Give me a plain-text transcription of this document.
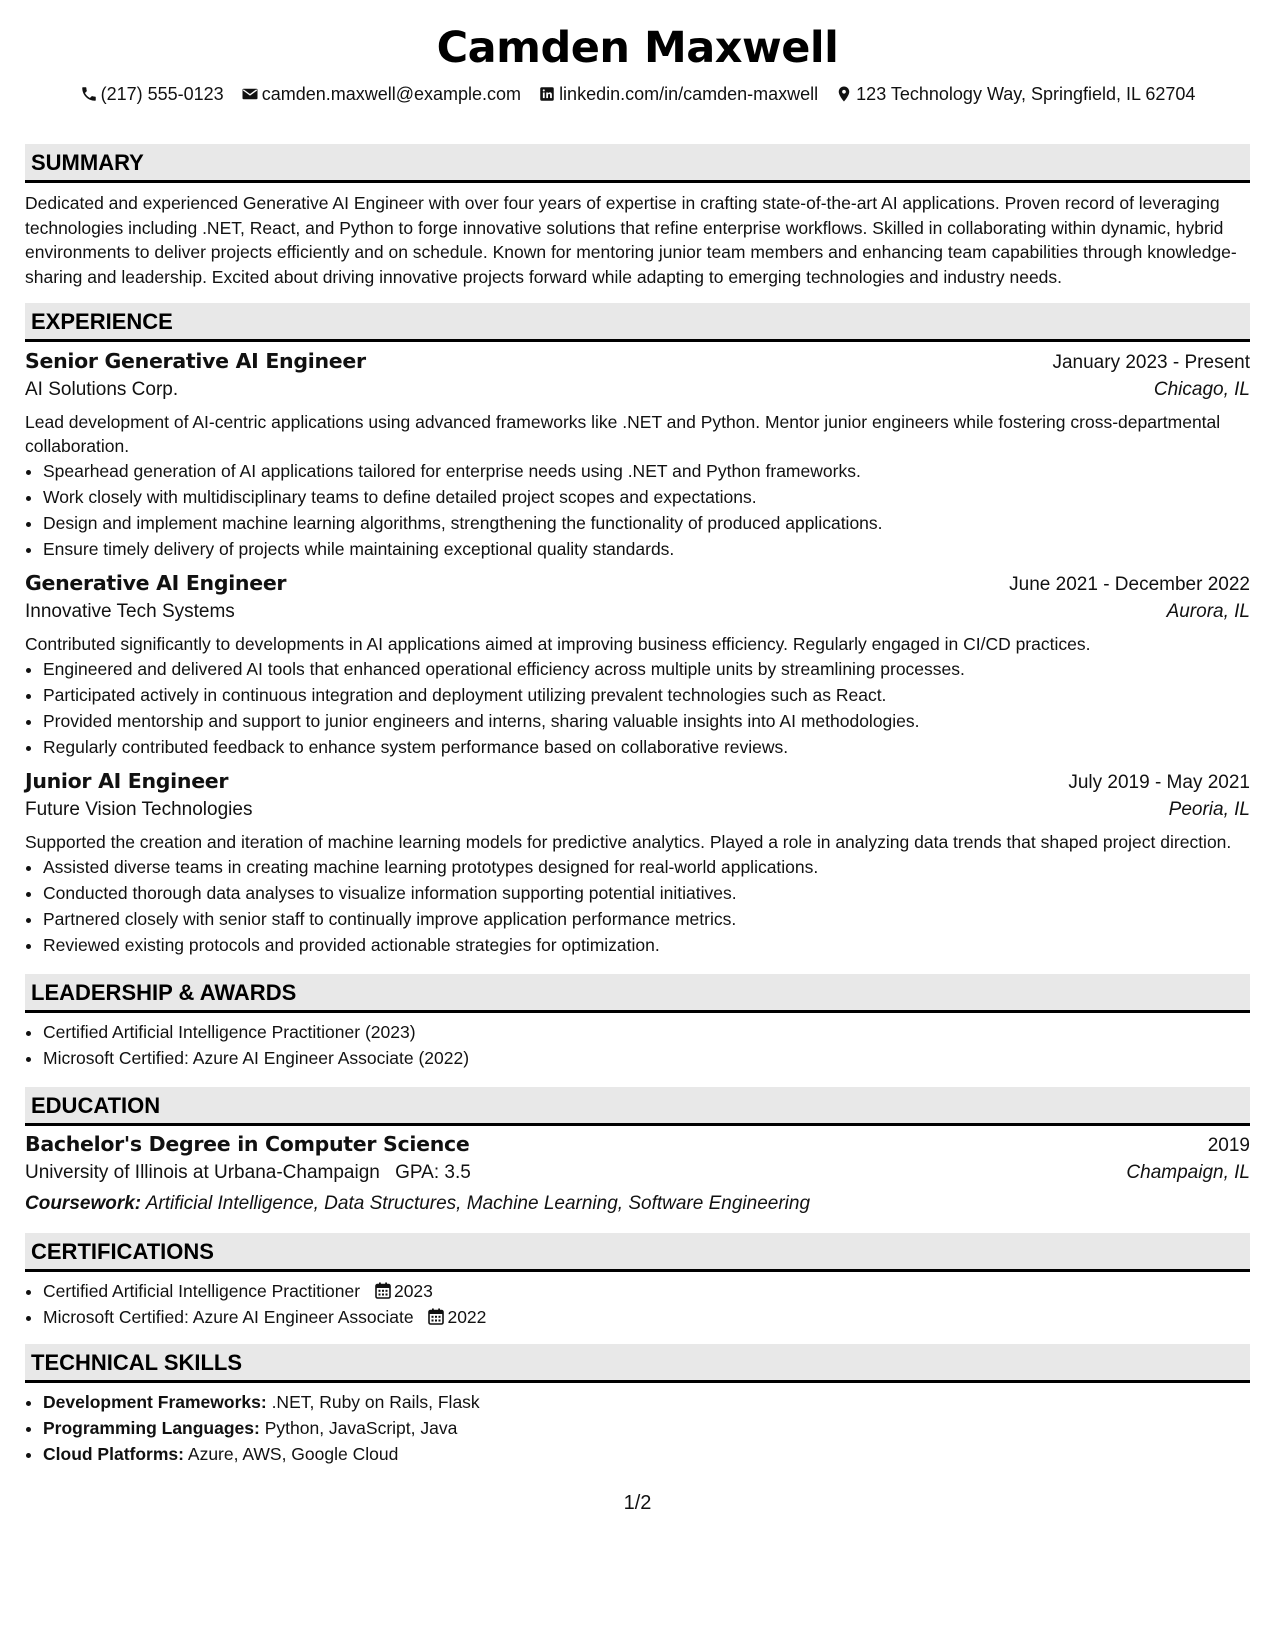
Camden Maxwell
(217) 555-0123 camden.maxwell@example.com linkedin.com/in/camden-maxwell 123 Technology Way, Springfield, IL 62704
SUMMARY

Dedicated and experienced Generative AI Engineer with over four years of expertise in crafting state-of-the-art AI applications. Proven record of leveraging technologies including .NET, React, and Python to forge innovative solutions that refine enterprise workflows. Skilled in collaborating within dynamic, hybrid environments to deliver projects efficiently and on schedule. Known for mentoring junior team members and enhancing team capabilities through knowledge-sharing and leadership. Excited about driving innovative projects forward while adapting to emerging technologies and industry needs.

EXPERIENCE
Senior Generative AI Engineer	January 2023 - Present
AI Solutions Corp.	Chicago, IL

Lead development of AI-centric applications using advanced frameworks like .NET and Python. Mentor junior engineers while fostering cross-departmental collaboration.

• Spearhead generation of AI applications tailored for enterprise needs using .NET and Python frameworks.
• Work closely with multidisciplinary teams to define detailed project scopes and expectations.
• Design and implement machine learning algorithms, strengthening the functionality of produced applications.
• Ensure timely delivery of projects while maintaining exceptional quality standards.
Generative AI Engineer	June 2021 - December 2022
Innovative Tech Systems	Aurora, IL

Contributed significantly to developments in AI applications aimed at improving business efficiency. Regularly engaged in CI/CD practices.

• Engineered and delivered AI tools that enhanced operational efficiency across multiple units by streamlining processes.
• Participated actively in continuous integration and deployment utilizing prevalent technologies such as React.
• Provided mentorship and support to junior engineers and interns, sharing valuable insights into AI methodologies.
• Regularly contributed feedback to enhance system performance based on collaborative reviews.
Junior AI Engineer	July 2019 - May 2021
Future Vision Technologies	Peoria, IL

Supported the creation and iteration of machine learning models for predictive analytics. Played a role in analyzing data trends that shaped project direction.

• Assisted diverse teams in creating machine learning prototypes designed for real-world applications.
• Conducted thorough data analyses to visualize information supporting potential initiatives.
• Partnered closely with senior staff to continually improve application performance metrics.
• Reviewed existing protocols and provided actionable strategies for optimization.
LEADERSHIP & AWARDS
• Certified Artificial Intelligence Practitioner (2023)
• Microsoft Certified: Azure AI Engineer Associate (2022)
EDUCATION
Bachelor's Degree in Computer Science	2019
University of Illinois at Urbana-Champaign GPA: 3.5	Champaign, IL
Coursework: Artificial Intelligence, Data Structures, Machine Learning, Software Engineering
CERTIFICATIONS
• Certified Artificial Intelligence Practitioner 2023
• Microsoft Certified: Azure AI Engineer Associate 2022
TECHNICAL SKILLS
• Development Frameworks: .NET, Ruby on Rails, Flask
• Programming Languages: Python, JavaScript, Java
• Cloud Platforms: Azure, AWS, Google Cloud
1/2
